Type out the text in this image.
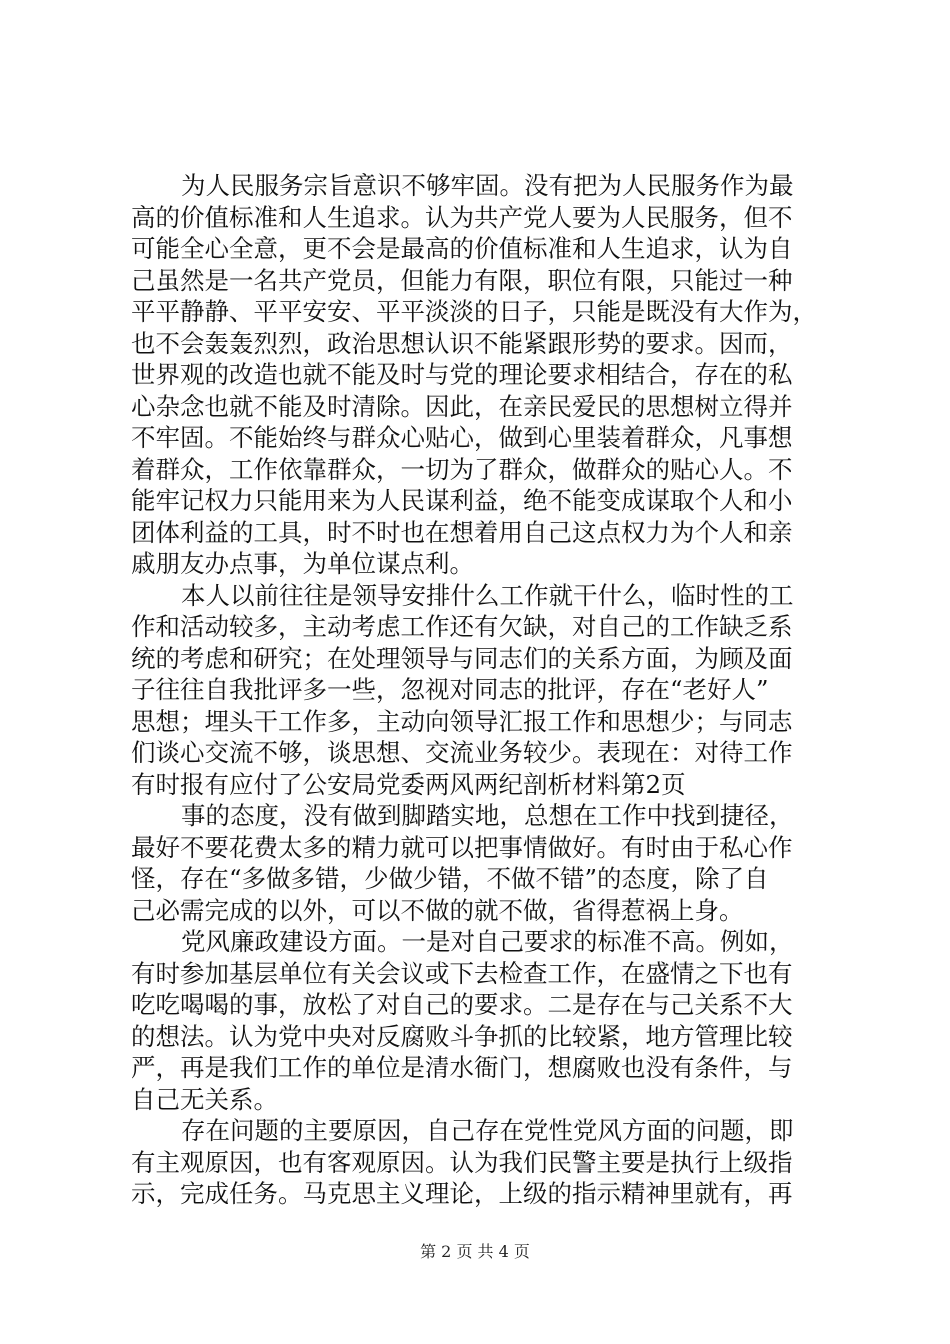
为人民服务宗旨意识不够牢固。没有把为人民服务作为最
高的价值标准和人生追求。认为共产党人要为人民服务，但不
可能全心全意，更不会是最高的价值标准和人生追求，认为自
己虽然是一名共产党员，但能力有限，职位有限，只能过一种
平平静静、平平安安、平平淡淡的日子，只能是既没有大作为，
也不会轰轰烈烈，政治思想认识不能紧跟形势的要求。因而，
世界观的改造也就不能及时与党的理论要求相结合，存在的私
心杂念也就不能及时清除。因此，在亲民爱民的思想树立得并
不牢固。不能始终与群众心贴心，做到心里装着群众，凡事想
着群众，工作依靠群众，一切为了群众，做群众的贴心人。不
能牢记权力只能用来为人民谋利益，绝不能变成谋取个人和小
团体利益的工具，时不时也在想着用自己这点权力为个人和亲
戚朋友办点事，为单位谋点利。
本人以前往往是领导安排什么工作就干什么，临时性的工
作和活动较多，主动考虑工作还有欠缺，对自己的工作缺乏系
统的考虑和研究；在处理领导与同志们的关系方面，为顾及面
子往往自我批评多一些，忽视对同志的批评，存在“老好人”
思想；埋头干工作多，主动向领导汇报工作和思想少；与同志
们谈心交流不够，谈思想、交流业务较少。表现在：对待工作
有时报有应付了公安局党委两风两纪剖析材料第2页
事的态度，没有做到脚踏实地，总想在工作中找到捷径，
最好不要花费太多的精力就可以把事情做好。有时由于私心作
怪，存在“多做多错，少做少错，不做不错”的态度，除了自
己必需完成的以外，可以不做的就不做，省得惹祸上身。
党风廉政建设方面。一是对自己要求的标准不高。例如，
有时参加基层单位有关会议或下去检查工作，在盛情之下也有
吃吃喝喝的事，放松了对自己的要求。二是存在与己关系不大
的想法。认为党中央对反腐败斗争抓的比较紧，地方管理比较
严，再是我们工作的单位是清水衙门，想腐败也没有条件，与
自己无关系。
存在问题的主要原因，自己存在党性党风方面的问题，即
有主观原因，也有客观原因。认为我们民警主要是执行上级指
示，完成任务。马克思主义理论，上级的指示精神里就有，再
第 2 页 共 4 页
